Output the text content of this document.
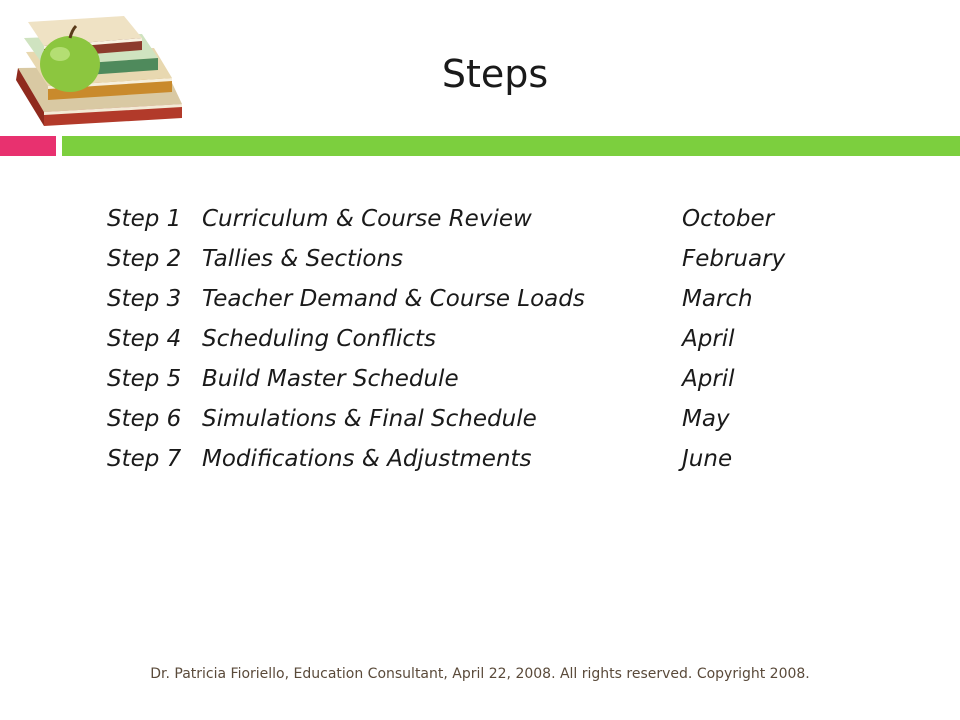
Steps
Step 1 Curriculum & Course Review	October
Step 2 Tallies & Sections	February
Step 3 Teacher Demand & Course Loads	March
Step 4 Scheduling Conflicts	April
Step 5 Build Master Schedule	April
Step 6 Simulations & Final Schedule	May
Step 7 Modifications & Adjustments	June
Dr. Patricia Fioriello, Education Consultant, April 22, 2008. All rights reserved. Copyright 2008.
